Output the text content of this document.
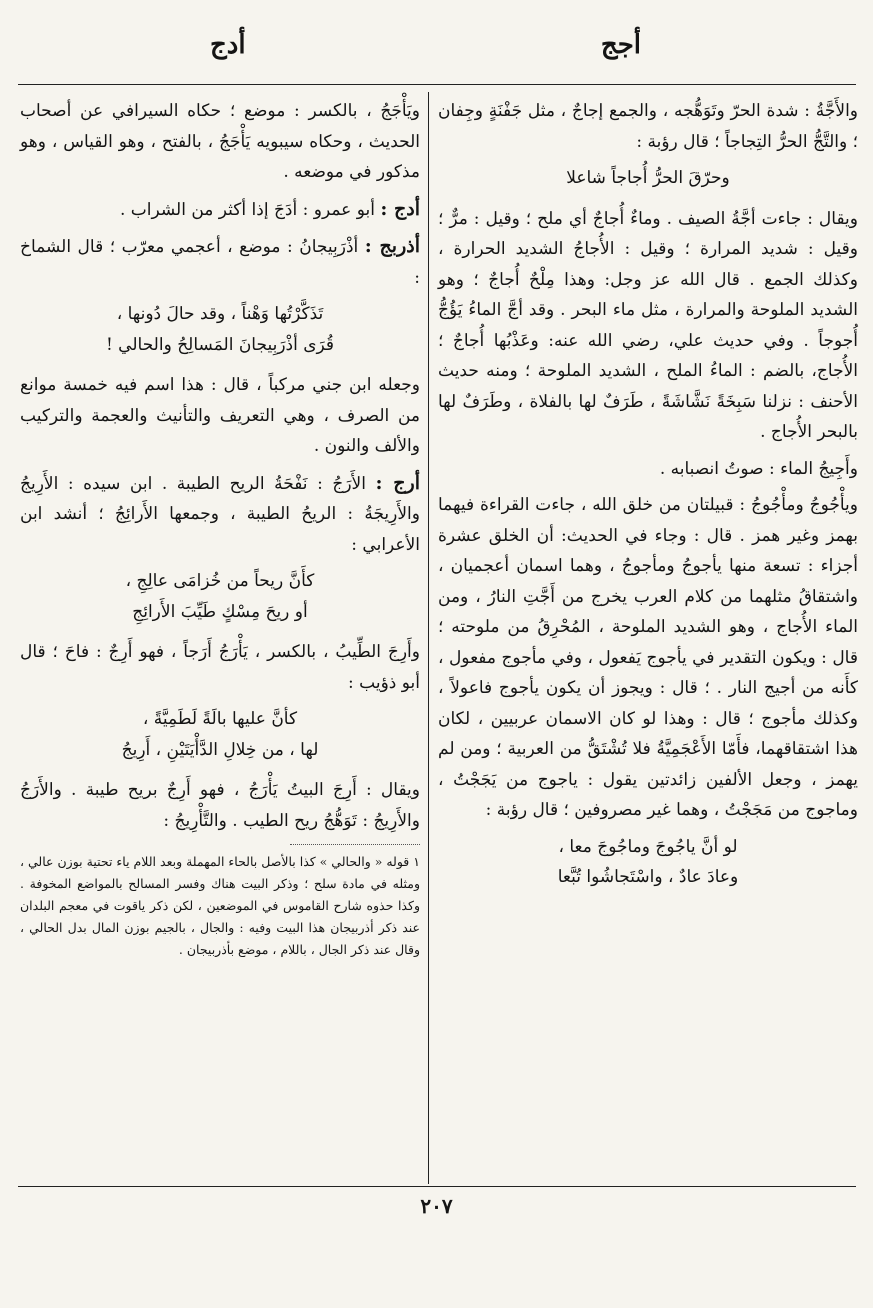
أجج
أدج

والأَجَّةُ : شدة الحرّ وتَوَهُّجه ، والجمع إجاجٌ ، مثل جَفْنَةٍ وجِفان ؛ والتَّجُّ الحرُّ التِجاجاً ؛ قال رؤبة :

وحرّقَ الحرُّ أُجاجاً شاعلا

ويقال : جاءت أجَّةُ الصيف . وماءٌ أُجاجٌ أي ملح ؛ وقيل : مرٌّ ؛ وقيل : شديد المرارة ؛ وقيل : الأُجاجُ الشديد الحرارة ، وكذلك الجمع . قال الله عز وجل: وهذا مِلْحٌ أُجاجٌ ؛ وهو الشديد الملوحة والمرارة ، مثل ماء البحر . وقد أجَّ الماءُ يَؤُجُّ أُجوجاً . وفي حديث علي، رضي الله عنه: وعَذْبُها أُجاجٌ ؛ الأُجاج، بالضم : الماءُ الملح ، الشديد الملوحة ؛ ومنه حديث الأحنف : نزلنا سَبِخَةً نَشَّاشَةً ، طَرَفٌ لها بالفلاة ، وطَرَفٌ لها بالبحر الأُجاج .

وأَجِيجُ الماء : صوتُ انصبابه .

ويأْجُوجُ ومأْجُوجُ : قبيلتان من خلق الله ، جاءت القراءة فيهما بهمز وغير همز . قال : وجاء في الحديث: أن الخلق عشرة أجزاء : تسعة منها يأجوجُ ومأجوجُ ، وهما اسمان أعجميان ، واشتقاقُ مثلهما من كلام العرب يخرج من أَجَّتِ النارُ ، ومن الماء الأُجاج ، وهو الشديد الملوحة ، المُحْرِقُ من ملوحته ؛ قال : ويكون التقدير في يأجوج يَفعول ، وفي مأجوج مفعول ، كأَنه من أجيج النار . ؛ قال : ويجوز أن يكون يأجوج فاعولاً ، وكذلك مأجوج ؛ قال : وهذا لو كان الاسمان عربيين ، لكان هذا اشتقاقهما، فأَمّا الأَعْجَمِيَّةُ فلا تُشْتَقُّ من العربية ؛ ومن لم يهمز ، وجعل الألفين زائدتين يقول : ياجوج من يَجَجْتُ ، وماجوج من مَجَجْتُ ، وهما غير مصروفين ؛ قال رؤبة :

لو أنَّ ياجُوجَ وماجُوجَ معا ،
وعادَ عادٌ ، واسْتَجاشُوا تُبَّعا

ويَأْجَجُ ، بالكسر : موضع ؛ حكاه السيرافي عن أصحاب الحديث ، وحكاه سيبويه يَأْجَجُ ، بالفتح ، وهو القياس ، وهو مذكور في موضعه .

أدج : أبو عمرو : أدَجَ إذا أكثر من الشراب .

أذربج : أذْرَبِيجانُ : موضع ، أعجمي معرّب ؛ قال الشماخ :

تَذَكَّرْتُها وَهْناً ، وقد حالَ دُونها ،
قُرَى أذْرَبِيجانَ المَسالِحُ والحالي !

وجعله ابن جني مركباً ، قال : هذا اسم فيه خمسة موانع من الصرف ، وهي التعريف والتأنيث والعجمة والتركيب والألف والنون .

أرج : الأَرَجُ : نَفْحَةُ الريح الطيبة . ابن سيده : الأَرِيجُ والأَرِيجَةُ : الريحُ الطيبة ، وجمعها الأَرائِجُ ؛ أنشد ابن الأعرابي :

كأَنَّ ريحاً من خُزامَى عالِجِ ،
أو ريحَ مِسْكٍ طَيِّبَ الأَرائِجِ

وأَرِجَ الطِّيبُ ، بالكسر ، يَأْرَجُ أَرَجاً ، فهو أَرِجٌ : فاحَ ؛ قال أبو ذؤيب :

كأنَّ عليها بالَةً لَطَمِيَّةً ،
لها ، من خِلالِ الدَّأْيَتَيْنِ ، أَرِيجُ

ويقال : أَرِجَ البيتُ يَأْرَجُ ، فهو أَرِجٌ بريح طيبة . والأَرَجُ والأَرِيجُ : تَوَهُّجُ ريح الطيب . والتَّأْرِيجُ :

١ قوله « والحالي » كذا بالأصل بالحاء المهملة وبعد اللام ياء تحتية بوزن عالي ، ومثله في مادة سلح ؛ وذكر البيت هناك وفسر المسالح بالمواضع المخوفة . وكذا حذوه شارح القاموس في الموضعين ، لكن ذكر ياقوت في معجم البلدان عند ذكر أذربيجان هذا البيت وفيه : والجال ، بالجيم بوزن المال بدل الحالي ، وقال عند ذكر الجال ، باللام ، موضع بأذربيجان .

٢٠٧
